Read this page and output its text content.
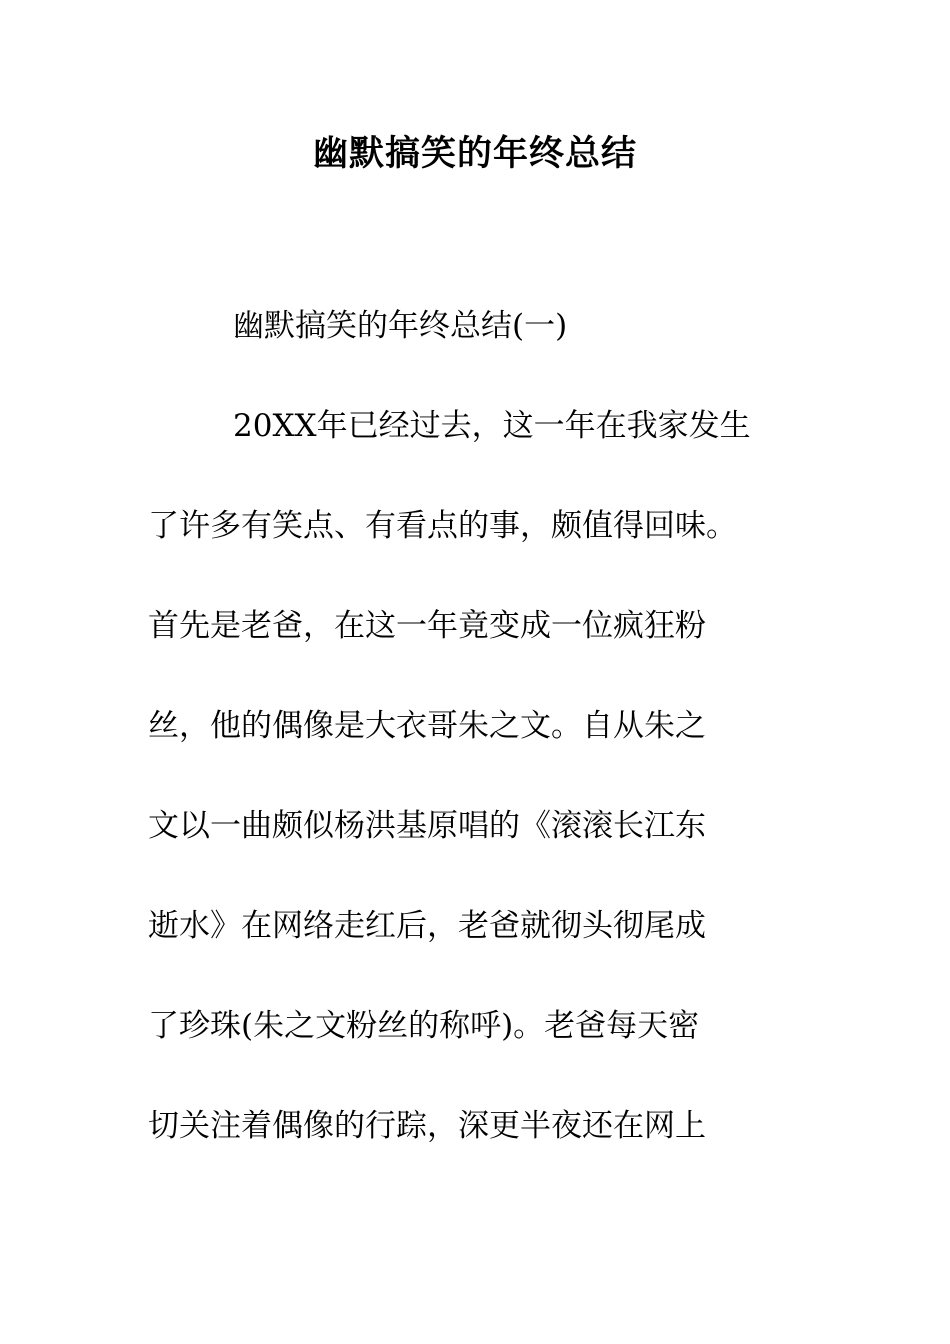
幽默搞笑的年终总结
幽默搞笑的年终总结(一)
20XX年已经过去，这一年在我家发生
了许多有笑点、有看点的事，颇值得回味。
首先是老爸，在这一年竟变成一位疯狂粉
丝，他的偶像是大衣哥朱之文。自从朱之
文以一曲颇似杨洪基原唱的《滚滚长江东
逝水》在网络走红后，老爸就彻头彻尾成
了珍珠(朱之文粉丝的称呼)。老爸每天密
切关注着偶像的行踪，深更半夜还在网上
